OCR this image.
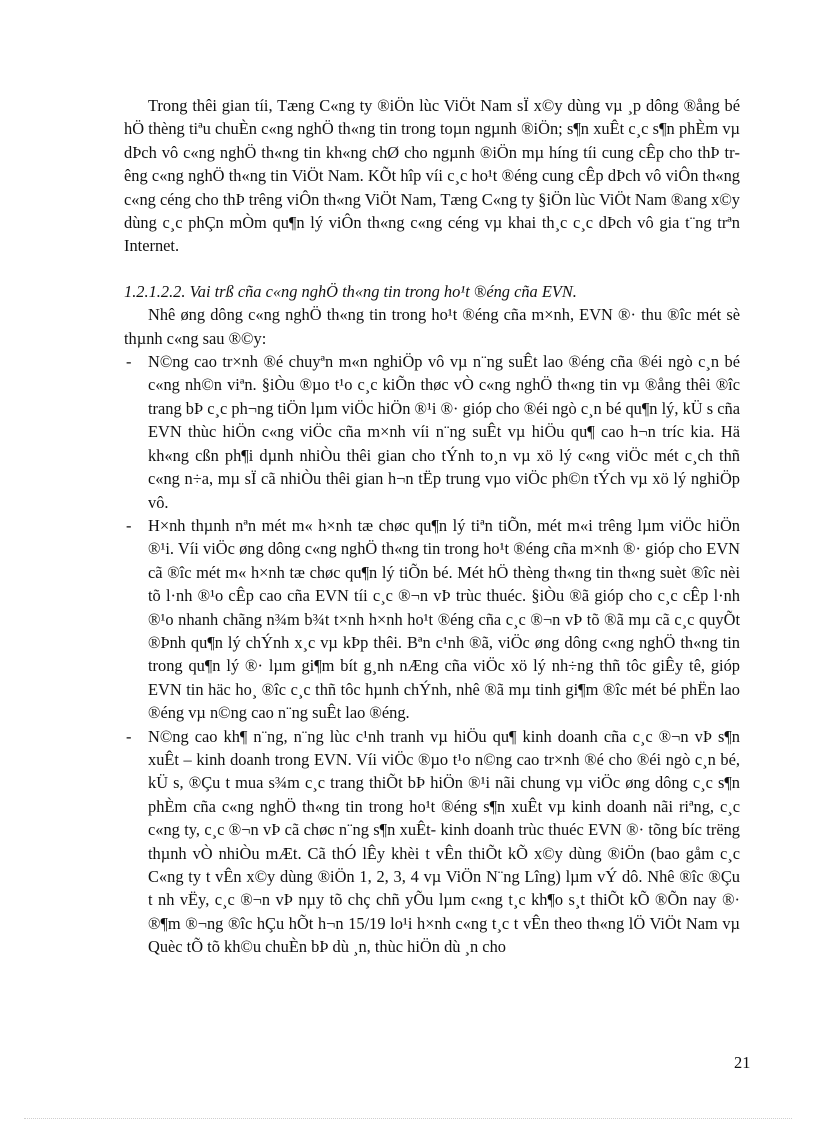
Trong thêi gian tíi, Tæng C«ng ty ®iÖn lùc ViÖt Nam sÏ x©y dùng vµ ¸p dông ®ång bé hÖ thèng tiªu chuÈn c«ng nghÖ th«ng tin trong toµn ngµnh ®iÖn; s¶n xuÊt c¸c s¶n phÈm vµ dÞch vô c«ng nghÖ th«ng tin kh«ng chØ cho ngµnh ®iÖn mµ híng tíi cung cÊp cho thÞ trêng c«ng nghÖ th«ng tin ViÖt Nam. KÕt hîp víi c¸c ho¹t ®éng cung cÊp dÞch vô viÔn th«ng c«ng céng cho thÞ trêng viÔn th«ng ViÖt Nam, Tæng C«ng ty §iÖn lùc ViÖt Nam ®ang x©y dùng c¸c phÇn mÒm qu¶n lý viÔn th«ng c«ng céng vµ khai th¸c c¸c dÞch vô gia t¨ng trªn Internet.

1.2.1.2.2. Vai trß cña c«ng nghÖ th«ng tin trong ho¹t ®éng cña EVN.

Nhê øng dông c«ng nghÖ th«ng tin trong ho¹t ®éng cña m×nh, EVN ®· thu ®îc mét sè thµnh c«ng sau ®©y:

- N©ng cao tr×nh ®é chuyªn m«n nghiÖp vô vµ n¨ng suÊt lao ®éng cña ®éi ngò c¸n bé c«ng nh©n viªn. §iÒu ®µo t¹o c¸c kiÕn thøc vÒ c«ng nghÖ th«ng tin vµ ®ång thêi ®îc trang bÞ c¸c ph¬ng tiÖn lµm viÖc hiÖn ®¹i ®· gióp cho ®éi ngò c¸n bé qu¶n lý, kÜ s cña EVN thùc hiÖn c«ng viÖc cña m×nh víi n¨ng suÊt vµ hiÖu qu¶ cao h¬n tríc kia. Hä kh«ng cßn ph¶i dµnh nhiÒu thêi gian cho tÝnh to¸n vµ xö lý c«ng viÖc mét c¸ch thñ c«ng n÷a, mµ sÏ cã nhiÒu thêi gian h¬n tËp trung vµo viÖc ph©n tÝch vµ xö lý nghiÖp vô.
- H×nh thµnh nªn mét m« h×nh tæ chøc qu¶n lý tiªn tiÕn, mét m«i trêng lµm viÖc hiÖn ®¹i. Víi viÖc øng dông c«ng nghÖ th«ng tin trong ho¹t ®éng cña m×nh ®· gióp cho EVN cã ®îc mét m« h×nh tæ chøc qu¶n lý tiÕn bé. Mét hÖ thèng th«ng tin th«ng suèt ®îc nèi tõ l·nh ®¹o cÊp cao cña EVN tíi c¸c ®¬n vÞ trùc thuéc. §iÒu ®ã gióp cho c¸c cÊp l·nh ®¹o nhanh chãng n¾m b¾t t×nh h×nh ho¹t ®éng cña c¸c ®¬n vÞ tõ ®ã mµ cã c¸c quyÕt ®Þnh qu¶n lý chÝnh x¸c vµ kÞp thêi. Bªn c¹nh ®ã, viÖc øng dông c«ng nghÖ th«ng tin trong qu¶n lý ®· lµm gi¶m bít g¸nh nÆng cña viÖc xö lý nh÷ng thñ tôc giÊy tê, gióp EVN tin häc ho¸ ®îc c¸c thñ tôc hµnh chÝnh, nhê ®ã mµ tinh gi¶m ®îc mét bé phËn lao ®éng vµ n©ng cao n¨ng suÊt lao ®éng.
- N©ng cao kh¶ n¨ng, n¨ng lùc c¹nh tranh vµ hiÖu qu¶ kinh doanh cña c¸c ®¬n vÞ s¶n xuÊt – kinh doanh trong EVN. Víi viÖc ®µo t¹o n©ng cao tr×nh ®é cho ®éi ngò c¸n bé, kÜ s, ®Çu t mua s¾m c¸c trang thiÕt bÞ hiÖn ®¹i nãi chung vµ viÖc øng dông c¸c s¶n phÈm cña c«ng nghÖ th«ng tin trong ho¹t ®éng s¶n xuÊt vµ kinh doanh nãi riªng, c¸c c«ng ty, c¸c ®¬n vÞ cã chøc n¨ng s¶n xuÊt- kinh doanh trùc thuéc EVN ®· tõng bíc trëng thµnh vÒ nhiÒu mÆt. Cã thÓ lÊy khèi t vÊn thiÕt kÕ x©y dùng ®iÖn (bao gåm c¸c C«ng ty t vÊn x©y dùng ®iÖn 1, 2, 3, 4 vµ ViÖn N¨ng Lîng) lµm vÝ dô. Nhê ®îc ®Çu t nh vËy, c¸c ®¬n vÞ nµy tõ chç chñ yÕu lµm c«ng t¸c kh¶o s¸t thiÕt kÕ ®Õn nay ®· ®¶m ®¬ng ®îc hÇu hÕt h¬n 15/19 lo¹i h×nh c«ng t¸c t vÊn theo th«ng lÖ ViÖt Nam vµ Quèc tÕ tõ kh©u chuÈn bÞ dù ¸n, thùc hiÖn dù ¸n cho
21
